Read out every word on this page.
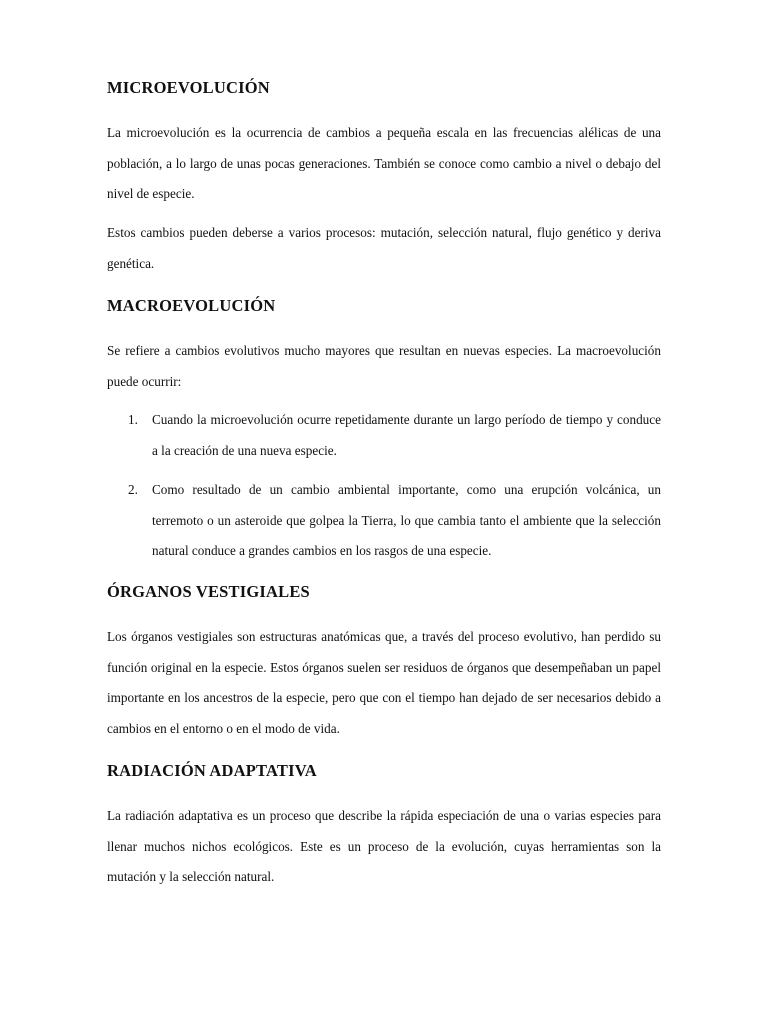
MICROEVOLUCIÓN

La microevolución es la ocurrencia de cambios a pequeña escala en las frecuencias alélicas de una población, a lo largo de unas pocas generaciones. También se conoce como cambio a nivel o debajo del nivel de especie.

Estos cambios pueden deberse a varios procesos: mutación, selección natural, flujo genético y deriva genética.

MACROEVOLUCIÓN

Se refiere a cambios evolutivos mucho mayores que resultan en nuevas especies. La macroevolución puede ocurrir:

1. Cuando la microevolución ocurre repetidamente durante un largo período de tiempo y conduce a la creación de una nueva especie.
2. Como resultado de un cambio ambiental importante, como una erupción volcánica, un terremoto o un asteroide que golpea la Tierra, lo que cambia tanto el ambiente que la selección natural conduce a grandes cambios en los rasgos de una especie.
ÓRGANOS VESTIGIALES

Los órganos vestigiales son estructuras anatómicas que, a través del proceso evolutivo, han perdido su función original en la especie. Estos órganos suelen ser residuos de órganos que desempeñaban un papel importante en los ancestros de la especie, pero que con el tiempo han dejado de ser necesarios debido a cambios en el entorno o en el modo de vida.

RADIACIÓN ADAPTATIVA

La radiación adaptativa es un proceso que describe la rápida especiación de una o varias especies para llenar muchos nichos ecológicos. Este es un proceso de la evolución, cuyas herramientas son la mutación y la selección natural.
